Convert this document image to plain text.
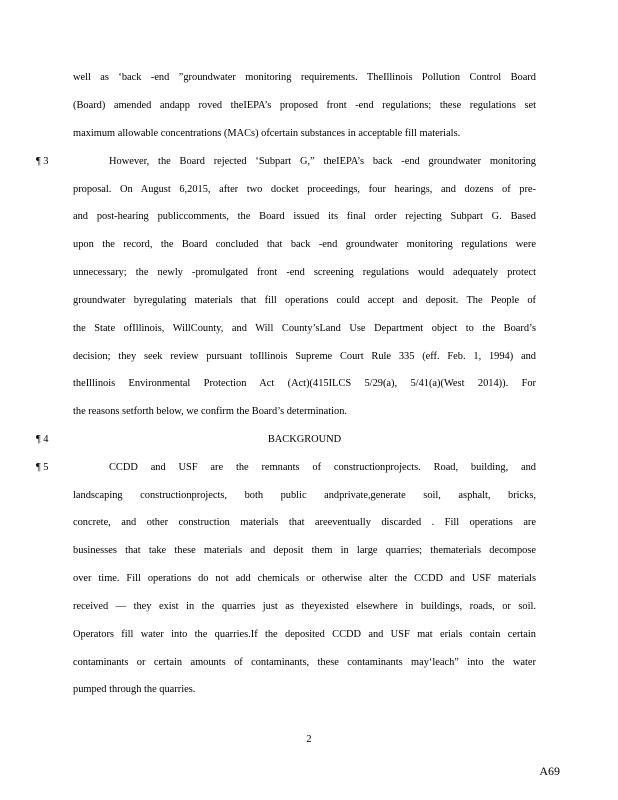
well as ‘back -end ”groundwater monitoring requirements. TheIllinois Pollution Control Board
(Board) amended andapp roved theIEPA’s proposed front -end regulations; these regulations set
maximum allowable concentrations (MACs) ofcertain substances in acceptable fill materials.
¶ 3	However, the Board rejected ‘Subpart G,” theIEPA’s back -end groundwater monitoring
proposal. On August 6,2015, after two docket proceedings, four hearings, and dozens of pre-
and post-hearing publiccomments, the Board issued its final order rejecting Subpart G. Based
upon the record, the Board concluded that back -end groundwater monitoring regulations were
unnecessary; the newly -promulgated front -end screening regulations would adequately protect
groundwater byregulating materials that fill operations could accept and deposit. The People of
the State ofIllinois, WillCounty, and Will County’sLand Use Department object to the Board’s
decision; they seek review pursuant toIllinois Supreme Court Rule 335 (eff. Feb. 1, 1994) and
theIllinois Environmental Protection Act (Act)(415ILCS 5/29(a), 5/41(a)(West 2014)). For
the reasons setforth below, we confirm the Board’s determination.
¶ 4	BACKGROUND
¶ 5	CCDD and USF are the remnants of constructionprojects. Road, building, and
landscaping constructionprojects, both public andprivate,generate soil, asphalt, bricks,
concrete, and other construction materials that areeventually discarded . Fill operations are
businesses that take these materials and deposit them in large quarries; thematerials decompose
over time. Fill operations do not add chemicals or otherwise alter the CCDD and USF materials
received — they exist in the quarries just as theyexisted elsewhere in buildings, roads, or soil.
Operators fill water into the quarries.If the deposited CCDD and USF mat erials contain certain
contaminants or certain amounts of contaminants, these contaminants may‘leach” into the water
pumped through the quarries.
2
A69
